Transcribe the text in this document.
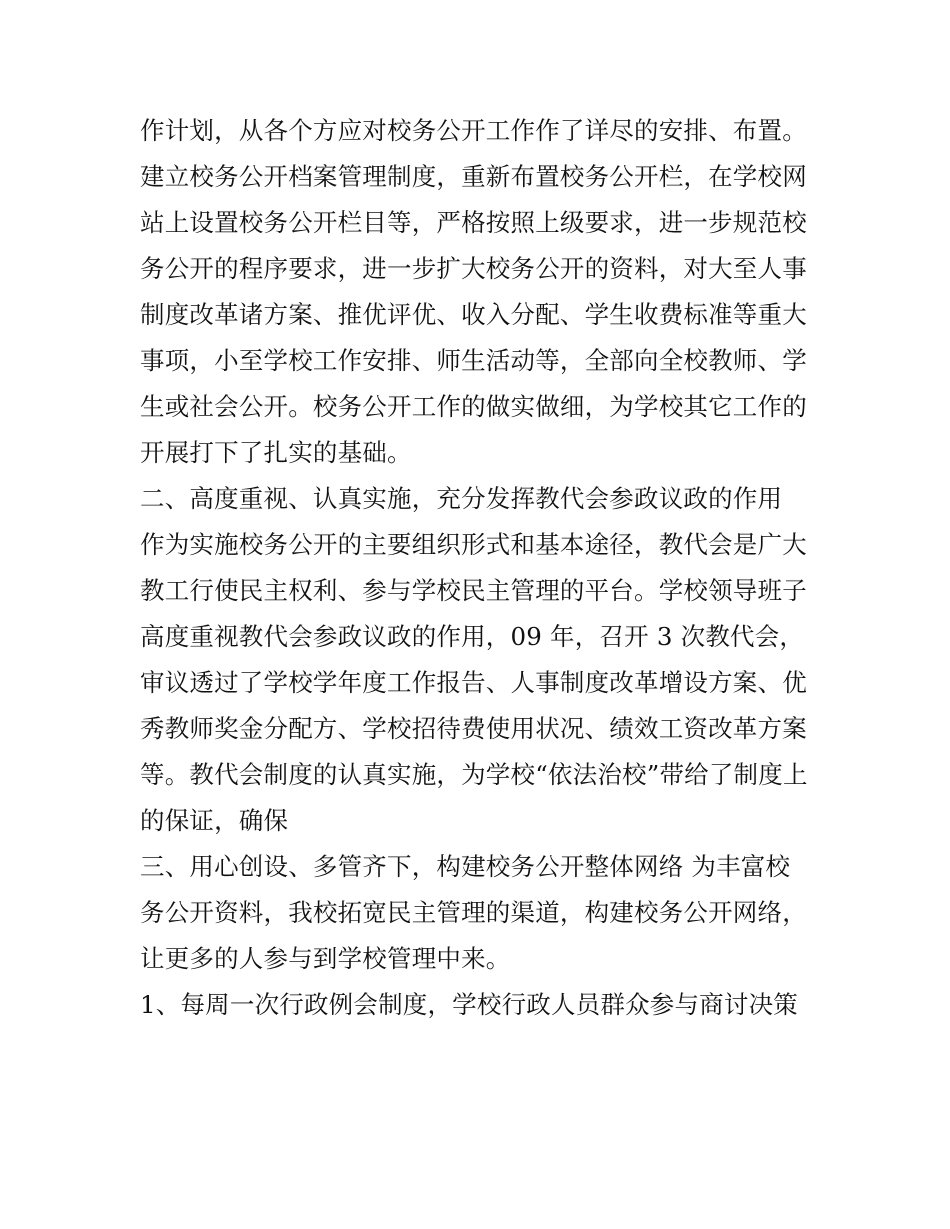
作计划，从各个方应对校务公开工作作了详尽的安排、布置。
建立校务公开档案管理制度，重新布置校务公开栏，在学校网
站上设置校务公开栏目等，严格按照上级要求，进一步规范校
务公开的程序要求，进一步扩大校务公开的资料，对大至人事
制度改革诸方案、推优评优、收入分配、学生收费标准等重大
事项，小至学校工作安排、师生活动等，全部向全校教师、学
生或社会公开。校务公开工作的做实做细，为学校其它工作的
开展打下了扎实的基础。
二、高度重视、认真实施，充分发挥教代会参政议政的作用
作为实施校务公开的主要组织形式和基本途径，教代会是广大
教工行使民主权利、参与学校民主管理的平台。学校领导班子
高度重视教代会参政议政的作用，09 年，召开 3 次教代会，
审议透过了学校学年度工作报告、人事制度改革增设方案、优
秀教师奖金分配方、学校招待费使用状况、绩效工资改革方案
等。教代会制度的认真实施，为学校“依法治校”带给了制度上
的保证，确保
三、用心创设、多管齐下，构建校务公开整体网络 为丰富校
务公开资料，我校拓宽民主管理的渠道，构建校务公开网络，
让更多的人参与到学校管理中来。
1、每周一次行政例会制度，学校行政人员群众参与商讨决策
